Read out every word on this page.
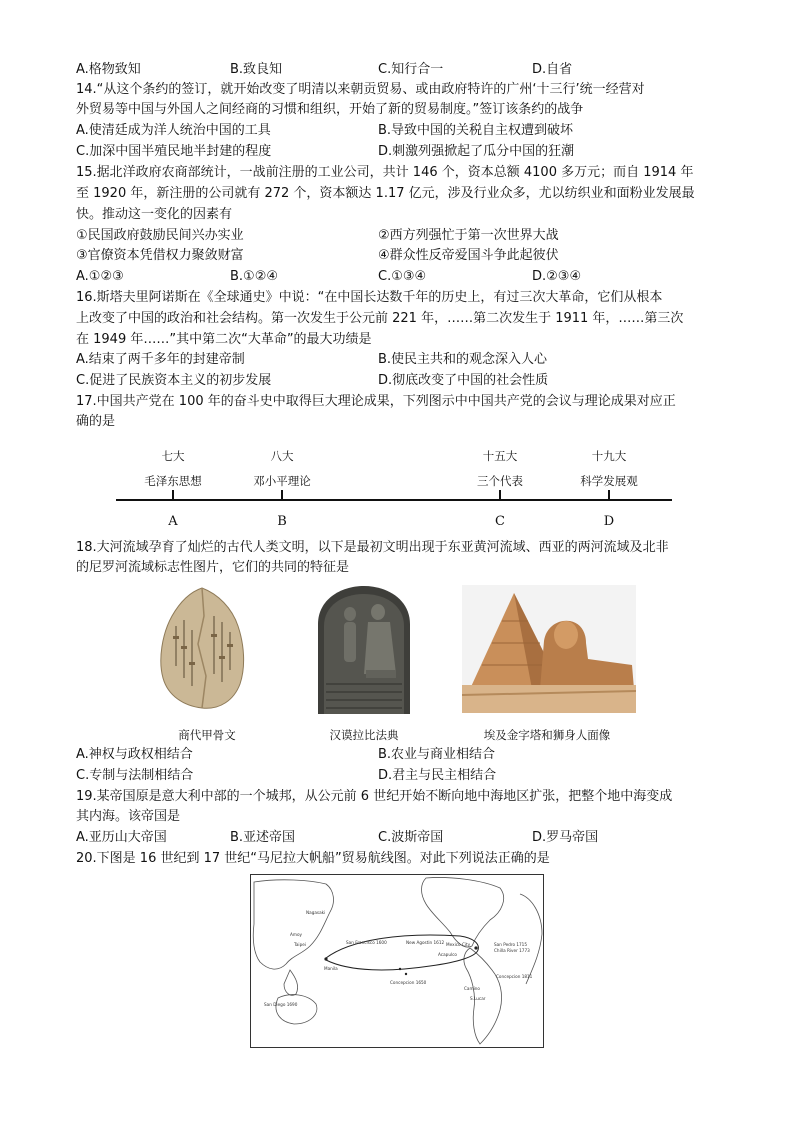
A.格物致知	B.致良知	C.知行合一	D.自省
14.“从这个条约的签订，就开始改变了明清以来朝贡贸易、或由政府特许的广州‘十三行’统一经营对
外贸易等中国与外国人之间经商的习惯和组织，开始了新的贸易制度。”签订该条约的战争
A.使清廷成为洋人统治中国的工具	B.导致中国的关税自主权遭到破坏
C.加深中国半殖民地半封建的程度	D.刺激列强掀起了瓜分中国的狂潮
15.据北洋政府农商部统计，一战前注册的工业公司，共计 146 个，资本总额 4100 多万元；而自 1914 年
至 1920 年，新注册的公司就有 272 个，资本额达 1.17 亿元，涉及行业众多，尤以纺织业和面粉业发展最
快。推动这一变化的因素有
①民国政府鼓励民间兴办实业	②西方列强忙于第一次世界大战
③官僚资本凭借权力聚敛财富	④群众性反帝爱国斗争此起彼伏
A.①②③	B.①②④	C.①③④	D.②③④
16.斯塔夫里阿诺斯在《全球通史》中说：“在中国长达数千年的历史上，有过三次大革命，它们从根本
上改变了中国的政治和社会结构。第一次发生于公元前 221 年，……第二次发生于 1911 年，……第三次
在 1949 年……”其中第二次“大革命”的最大功绩是
A.结束了两千多年的封建帝制	B.使民主共和的观念深入人心
C.促进了民族资本主义的初步发展	D.彻底改变了中国的社会性质
17.中国共产党在 100 年的奋斗史中取得巨大理论成果，下列图示中中国共产党的会议与理论成果对应正
确的是
七大
毛泽东思想
A
八大
邓小平理论
B
十五大
三个代表
C
十九大
科学发展观
D
18.大河流域孕育了灿烂的古代人类文明，以下是最初文明出现于东亚黄河流域、西亚的两河流域及北非
的尼罗河流域标志性图片，它们的共同的特征是
商代甲骨文	汉谟拉比法典	埃及金字塔和狮身人面像
A.神权与政权相结合	B.农业与商业相结合
C.专制与法制相结合	D.君主与民主相结合
19.某帝国原是意大利中部的一个城邦，从公元前 6 世纪开始不断向地中海地区扩张，把整个地中海变成
其内海。该帝国是
A.亚历山大帝国	B.亚述帝国	C.波斯帝国	D.罗马帝国
20.下图是 16 世纪到 17 世纪“马尼拉大帆船”贸易航线图。对此下列说法正确的是
Nagasaki
Amoy
Manila
Taipei	San Francisco 1600	New Agostin 1612 Mexico City
Acapulco
San Pedro 1715
Chilla River 1773
Concepcion 1811
Concepcion 1650
Camino
S.Lucar
San Diego 1690
